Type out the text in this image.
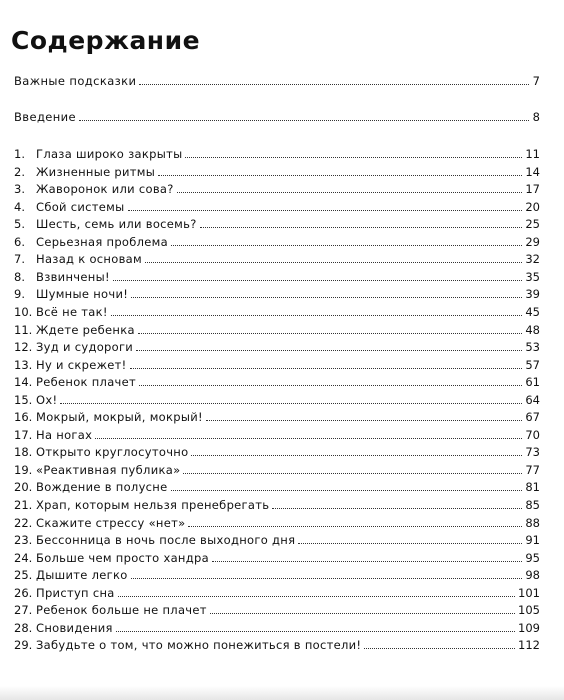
Содержание
Важные подсказки	7
Введение	8
1. Глаза широко закрыты	11
2. Жизненные ритмы	14
3. Жаворонок или сова?	17
4. Сбой системы	20
5. Шесть, семь или восемь?	25
6. Серьезная проблема	29
7. Назад к основам	32
8. Взвинчены!	35
9. Шумные ночи!	39
10. Всё не так!	45
11. Ждете ребенка	48
12. Зуд и судороги	53
13. Ну и скрежет!	57
14. Ребенок плачет	61
15. Ох!	64
16. Мокрый, мокрый, мокрый!	67
17. На ногах	70
18. Открыто круглосуточно	73
19. «Реактивная публика»	77
20. Вождение в полусне	81
21. Храп, которым нельзя пренебрегать	85
22. Скажите стрессу «нет»	88
23. Бессонница в ночь после выходного дня	91
24. Больше чем просто хандра	95
25. Дышите легко	98
26. Приступ сна	101
27. Ребенок больше не плачет	105
28. Сновидения	109
29. Забудьте о том, что можно понежиться в постели!	112
